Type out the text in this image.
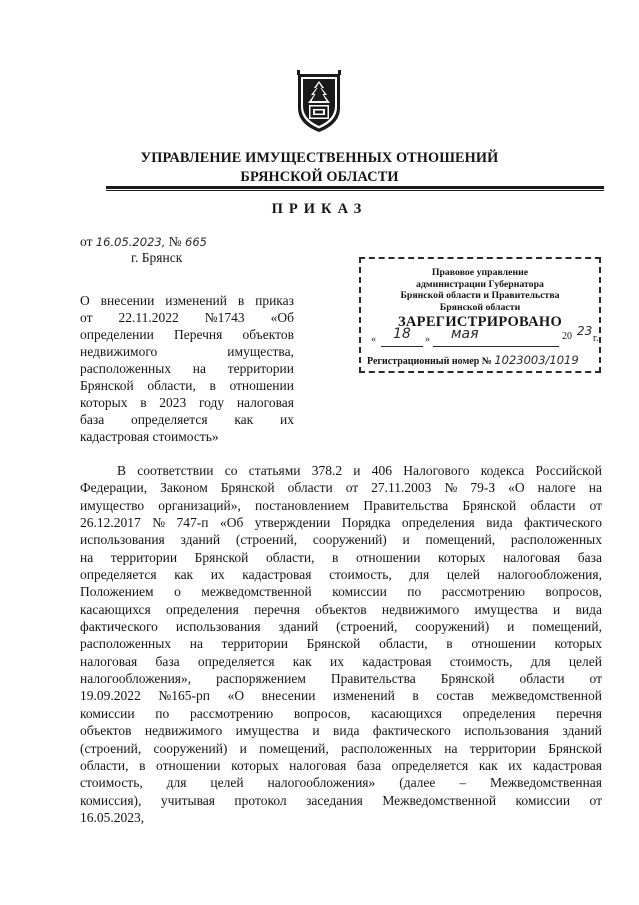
УПРАВЛЕНИЕ ИМУЩЕСТВЕННЫХ ОТНОШЕНИЙ
БРЯНСКОЙ ОБЛАСТИ
ПРИКАЗ
от 16.05.2023, № 665
г. Брянск
О внесении изменений в приказ
от 22.11.2022 №1743 «Об
определении Перечня объектов
недвижимого	имущества,
расположенных на территории
Брянской области, в отношении
которых в 2023 году налоговая
база определяется как их
кадастровая стоимость»
Правовое управление
администрации Губернатора
Брянской области и Правительства
Брянской области
ЗАРЕГИСТРИРОВАНО
« 18 » мая	20 23
г.
Регистрационный номер № 1023003/1019
В соответствии со статьями 378.2 и 406 Налогового кодекса Российской
Федерации, Законом Брянской области от 27.11.2003 № 79-З «О налоге на
имущество организаций», постановлением Правительства Брянской области от
26.12.2017 № 747-п «Об утверждении Порядка определения вида фактического
использования зданий (строений, сооружений) и помещений, расположенных
на территории Брянской области, в отношении которых налоговая база
определяется как их кадастровая стоимость, для целей налогообложения,
Положением о межведомственной комиссии по рассмотрению вопросов,
касающихся определения перечня объектов недвижимого имущества и вида
фактического использования зданий (строений, сооружений) и помещений,
расположенных на территории Брянской области, в отношении которых
налоговая база определяется как их кадастровая стоимость, для целей
налогообложения», распоряжением Правительства Брянской области от
19.09.2022 №165-рп «О внесении изменений в состав межведомственной
комиссии по рассмотрению вопросов, касающихся определения перечня
объектов недвижимого имущества и вида фактического использования зданий
(строений, сооружений) и помещений, расположенных на территории Брянской
области, в отношении которых налоговая база определяется как их кадастровая
стоимость, для целей налогообложения» (далее – Межведомственная
комиссия), учитывая протокол заседания Межведомственной комиссии от
16.05.2023,
